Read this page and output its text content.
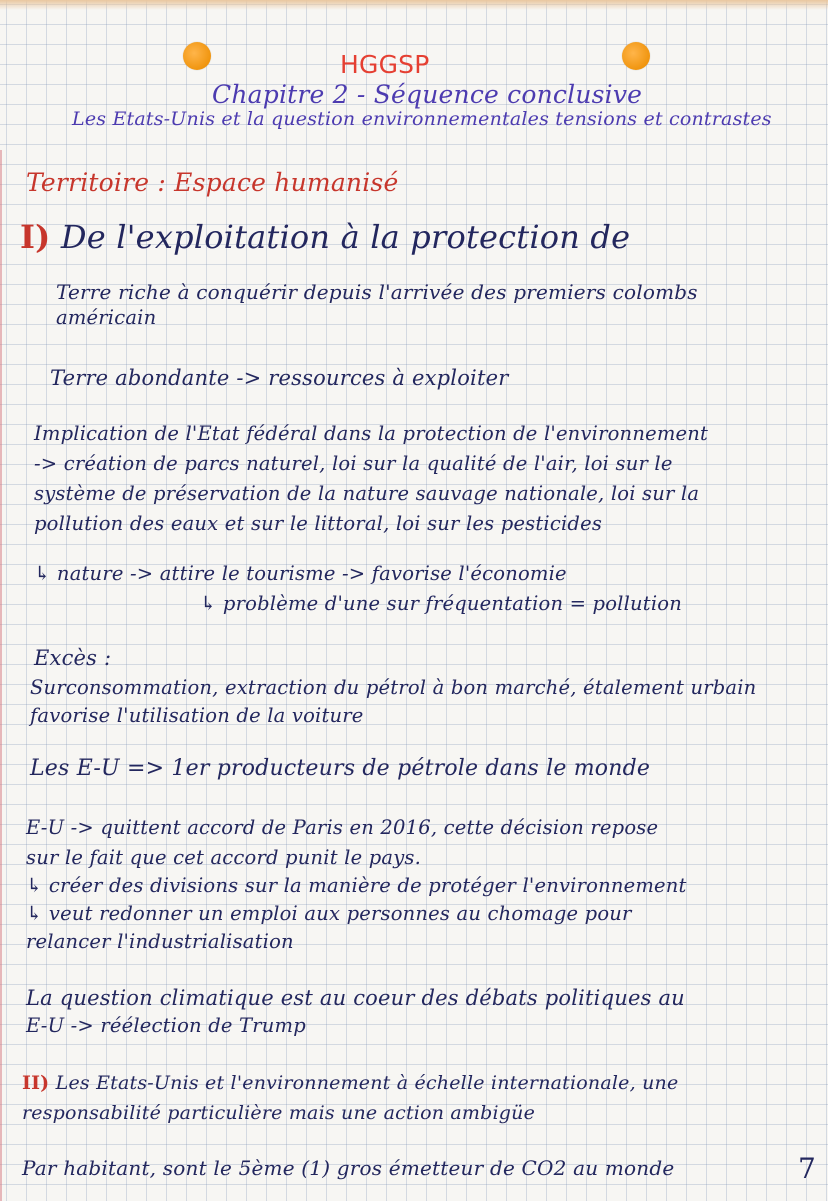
HGGSP
Chapitre 2 - Séquence conclusive
Les Etats-Unis et la question environnementales tensions et contrastes
Territoire : Espace humanisé
I) De l'exploitation à la protection de
Terre riche à conquérir depuis l'arrivée des premiers colombs
américain
Terre abondante -> ressources à exploiter
Implication de l'Etat fédéral dans la protection de l'environnement
-> création de parcs naturel, loi sur la qualité de l'air, loi sur le
système de préservation de la nature sauvage nationale, loi sur la
pollution des eaux et sur le littoral, loi sur les pesticides
↳ nature -> attire le tourisme -> favorise l'économie
↳ problème d'une sur fréquentation = pollution
Excès :
Surconsommation, extraction du pétrol à bon marché, étalement urbain
favorise l'utilisation de la voiture
Les E-U => 1er producteurs de pétrole dans le monde
E-U -> quittent accord de Paris en 2016, cette décision repose
sur le fait que cet accord punit le pays.
↳ créer des divisions sur la manière de protéger l'environnement
↳ veut redonner un emploi aux personnes au chomage pour
relancer l'industrialisation
La question climatique est au coeur des débats politiques au
E-U -> réélection de Trump
II) Les Etats-Unis et l'environnement à échelle internationale, une
responsabilité particulière mais une action ambigüe
Par habitant, sont le 5ème (1) gros émetteur de CO2 au monde	7
